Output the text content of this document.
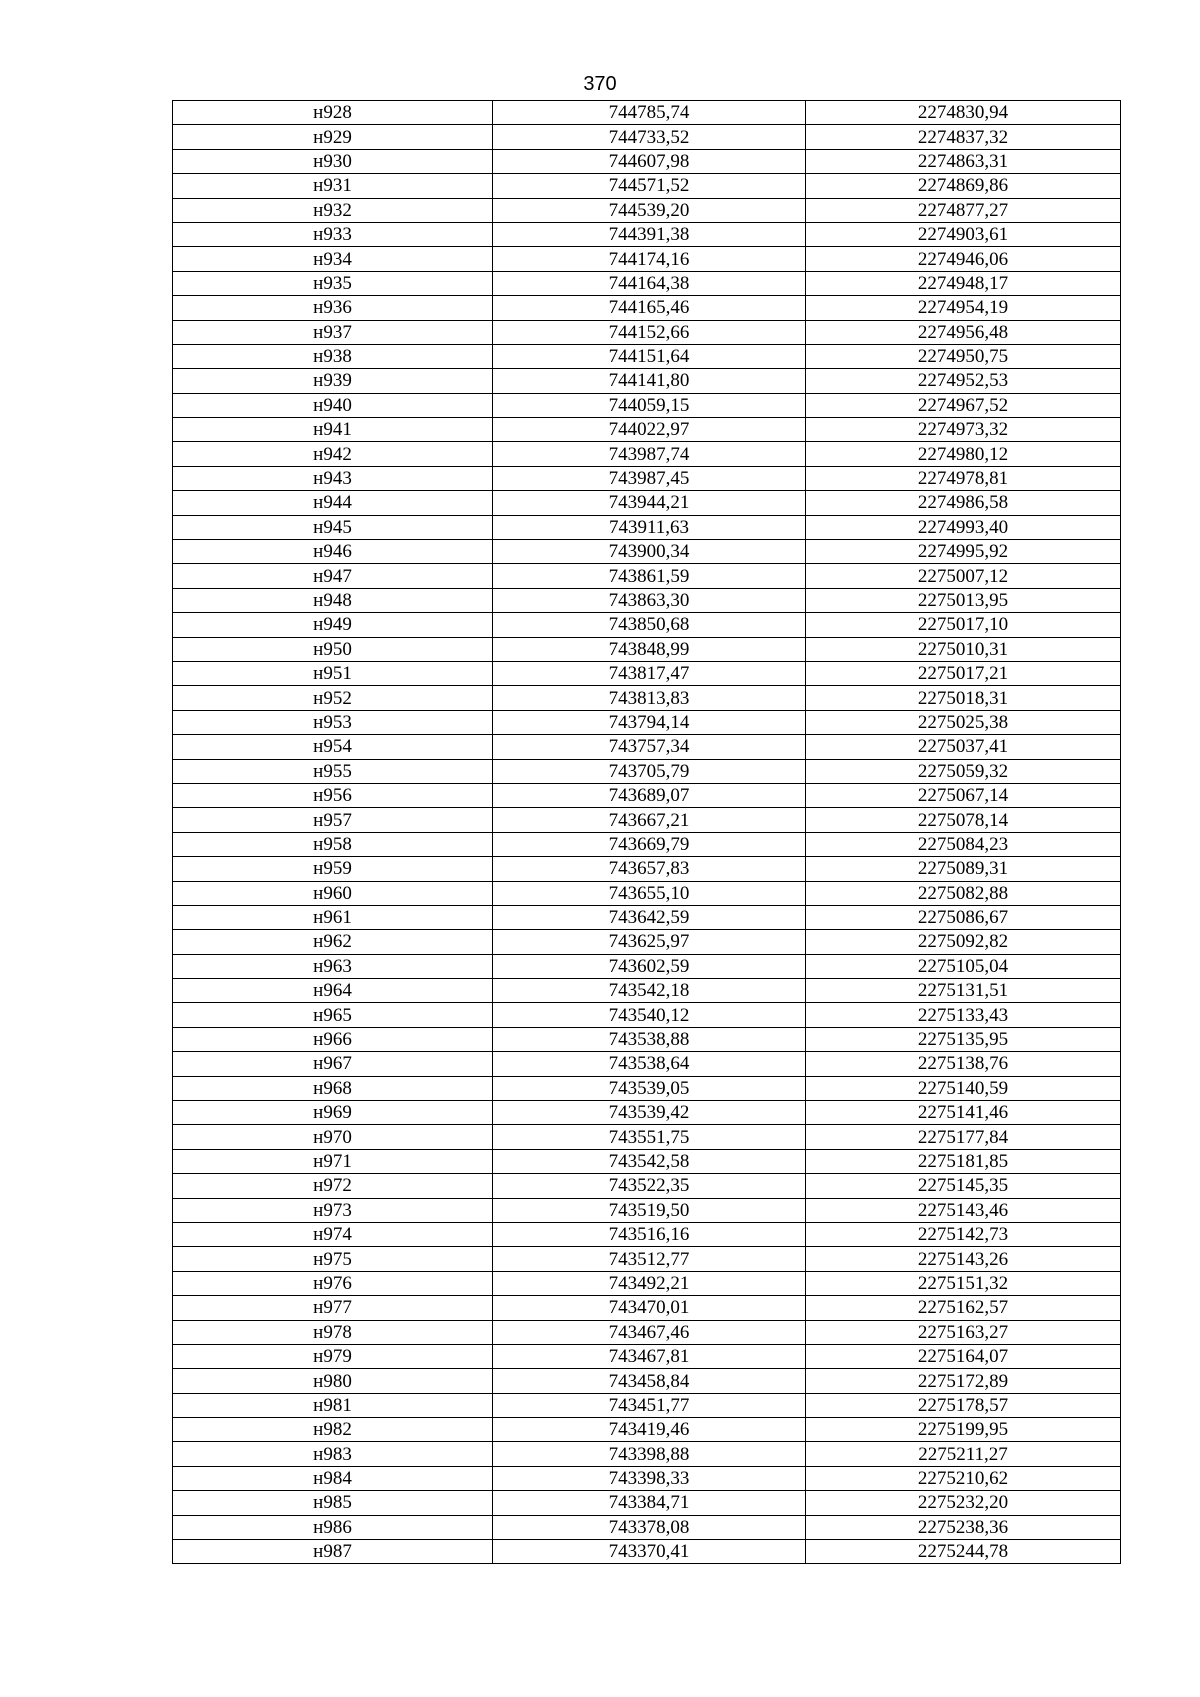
370
н928	744785,74	2274830,94
н929	744733,52	2274837,32
н930	744607,98	2274863,31
н931	744571,52	2274869,86
н932	744539,20	2274877,27
н933	744391,38	2274903,61
н934	744174,16	2274946,06
н935	744164,38	2274948,17
н936	744165,46	2274954,19
н937	744152,66	2274956,48
н938	744151,64	2274950,75
н939	744141,80	2274952,53
н940	744059,15	2274967,52
н941	744022,97	2274973,32
н942	743987,74	2274980,12
н943	743987,45	2274978,81
н944	743944,21	2274986,58
н945	743911,63	2274993,40
н946	743900,34	2274995,92
н947	743861,59	2275007,12
н948	743863,30	2275013,95
н949	743850,68	2275017,10
н950	743848,99	2275010,31
н951	743817,47	2275017,21
н952	743813,83	2275018,31
н953	743794,14	2275025,38
н954	743757,34	2275037,41
н955	743705,79	2275059,32
н956	743689,07	2275067,14
н957	743667,21	2275078,14
н958	743669,79	2275084,23
н959	743657,83	2275089,31
н960	743655,10	2275082,88
н961	743642,59	2275086,67
н962	743625,97	2275092,82
н963	743602,59	2275105,04
н964	743542,18	2275131,51
н965	743540,12	2275133,43
н966	743538,88	2275135,95
н967	743538,64	2275138,76
н968	743539,05	2275140,59
н969	743539,42	2275141,46
н970	743551,75	2275177,84
н971	743542,58	2275181,85
н972	743522,35	2275145,35
н973	743519,50	2275143,46
н974	743516,16	2275142,73
н975	743512,77	2275143,26
н976	743492,21	2275151,32
н977	743470,01	2275162,57
н978	743467,46	2275163,27
н979	743467,81	2275164,07
н980	743458,84	2275172,89
н981	743451,77	2275178,57
н982	743419,46	2275199,95
н983	743398,88	2275211,27
н984	743398,33	2275210,62
н985	743384,71	2275232,20
н986	743378,08	2275238,36
н987	743370,41	2275244,78
